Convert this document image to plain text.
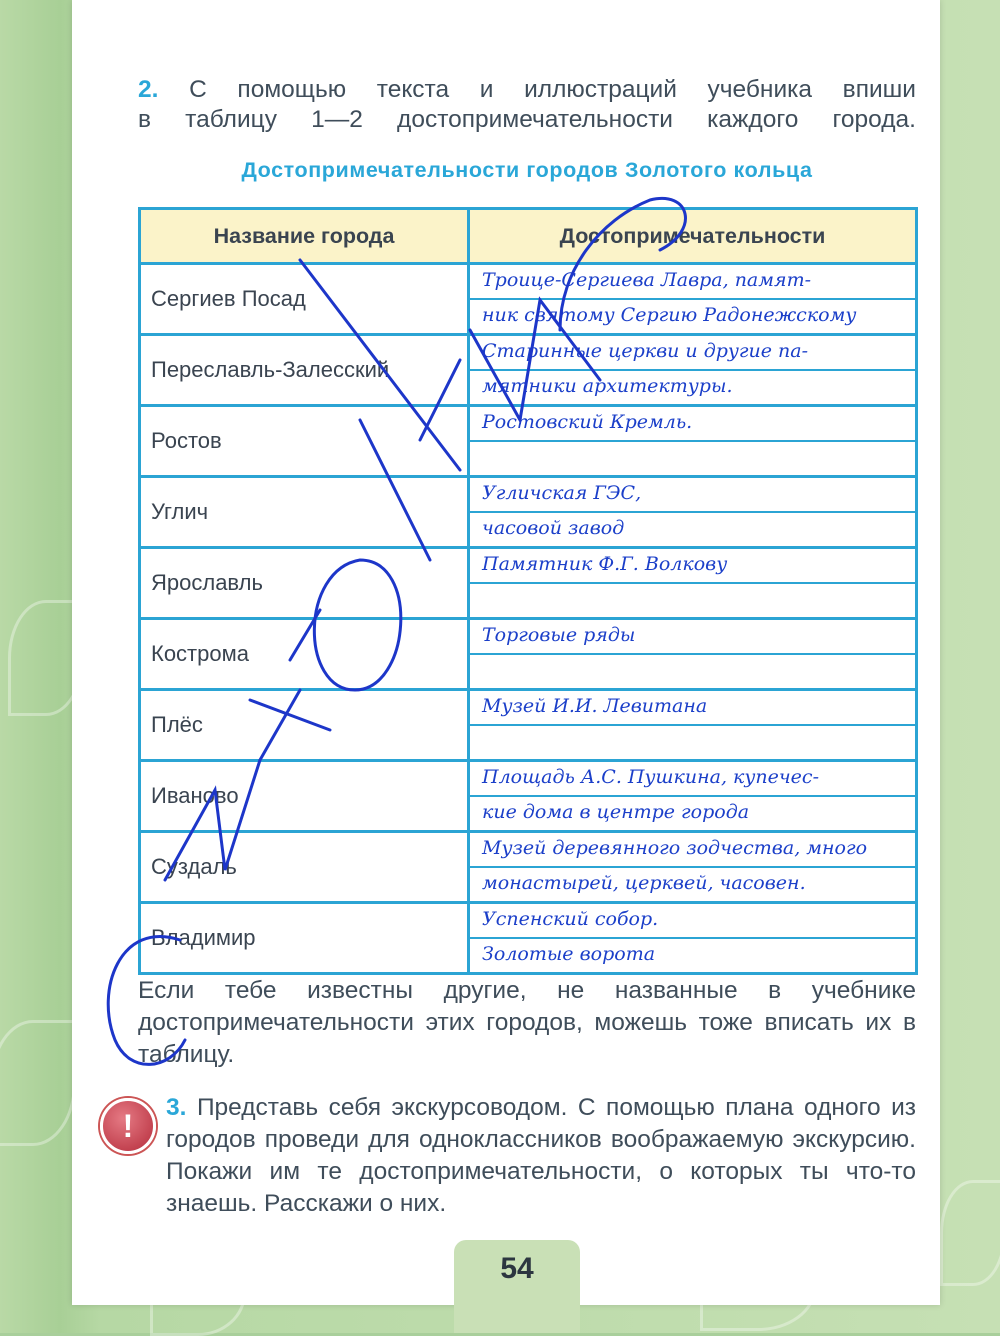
2. С помощью текста и иллюстраций учебника впиши
в таблицу 1—2 достопримечательности каждого города.
Достопримечательности городов Золотого кольца
Название города	Достопримечательности
Сергиев Посад	Троице-Сергиева Лавра, памят-
ник святому Сергию Радонежскому

Переславль-Залесский	Старинные церкви и другие па-
мятники архитектуры.

Ростов	Ростовский Кремль.

Углич	Угличская ГЭС,
часовой завод

Ярославль	Памятник Ф.Г. Волкову

Кострома	Торговые ряды

Плёс	Музей И.И. Левитана

Иваново	Площадь А.С. Пушкина, купечес-
кие дома в центре города

Суздаль	Музей деревянного зодчества, много
монастырей, церквей, часовен.

Владимир	Успенский собор.
Золотые ворота
Если тебе известны другие, не названные в учебнике достопримечательности этих городов, можешь тоже вписать их в таблицу.
!
3. Представь себя экскурсоводом. С помощью плана одного из городов проведи для одноклассников воображаемую экскурсию. Покажи им те достопримечательности, о которых ты что-то знаешь. Расскажи о них.
54
